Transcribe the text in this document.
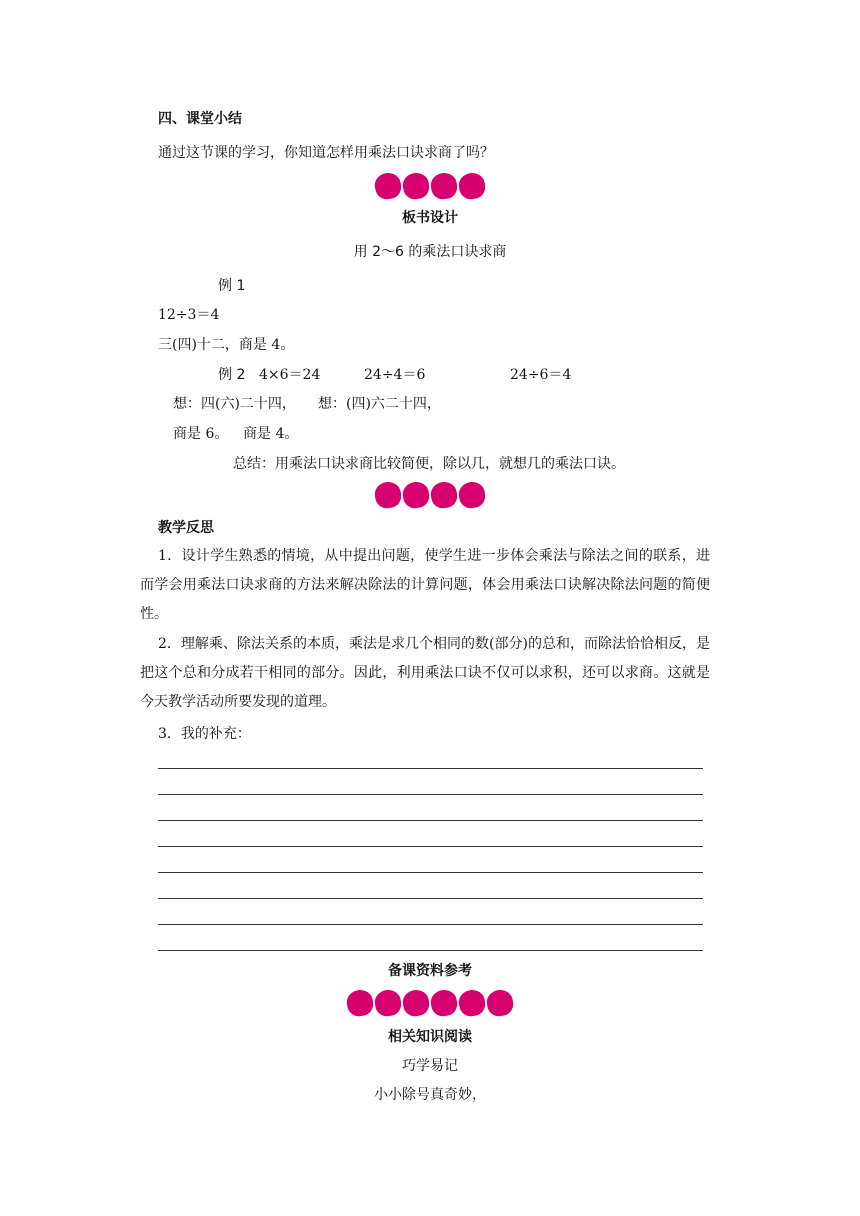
四、课堂小结
通过这节课的学习，你知道怎样用乘法口诀求商了吗？
板书设计
用 2～6 的乘法口诀求商
例 1
12÷3＝4
三(四)十二，商是 4。
例 2 4×6＝24	24÷4＝6	24÷6＝4
想：四(六)二十四， 想：(四)六二十四，
商是 6。 商是 4。
总结：用乘法口诀求商比较简便，除以几，就想几的乘法口诀。
教学反思
1．设计学生熟悉的情境，从中提出问题，使学生进一步体会乘法与除法之间的联系，进而学会用乘法口诀求商的方法来解决除法的计算问题，体会用乘法口诀解决除法问题的简便性。
2．理解乘、除法关系的本质，乘法是求几个相同的数(部分)的总和，而除法恰恰相反，是把这个总和分成若干相同的部分。因此，利用乘法口诀不仅可以求积，还可以求商。这就是今天教学活动所要发现的道理。
3．我的补充：
备课资料参考
相关知识阅读
巧学易记
小小除号真奇妙，
